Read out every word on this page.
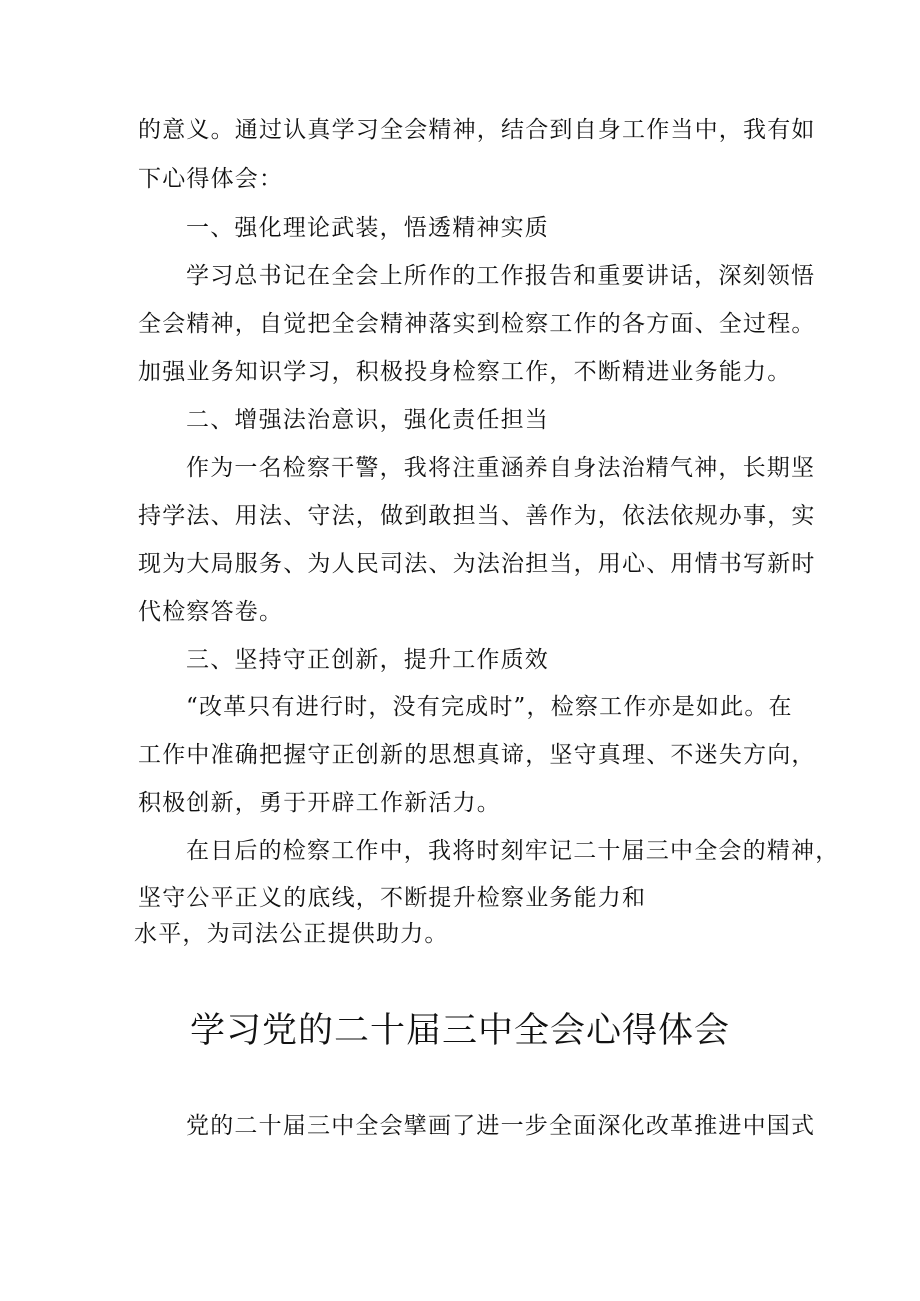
的意义。通过认真学习全会精神，结合到自身工作当中，我有如
下心得体会：
一、强化理论武装，悟透精神实质
学习总书记在全会上所作的工作报告和重要讲话，深刻领悟
全会精神，自觉把全会精神落实到检察工作的各方面、全过程。
加强业务知识学习，积极投身检察工作，不断精进业务能力。
二、增强法治意识，强化责任担当
作为一名检察干警，我将注重涵养自身法治精气神，长期坚
持学法、用法、守法，做到敢担当、善作为，依法依规办事，实
现为大局服务、为人民司法、为法治担当，用心、用情书写新时
代检察答卷。
三、坚持守正创新，提升工作质效
“改革只有进行时，没有完成时”，检察工作亦是如此。在
工作中准确把握守正创新的思想真谛，坚守真理、不迷失方向，
积极创新，勇于开辟工作新活力。
在日后的检察工作中，我将时刻牢记二十届三中全会的精神，
坚守公平正义的底线，不断提升检察业务能力和
水平，为司法公正提供助力。
学习党的二十届三中全会心得体会
党的二十届三中全会擘画了进一步全面深化改革推进中国式
